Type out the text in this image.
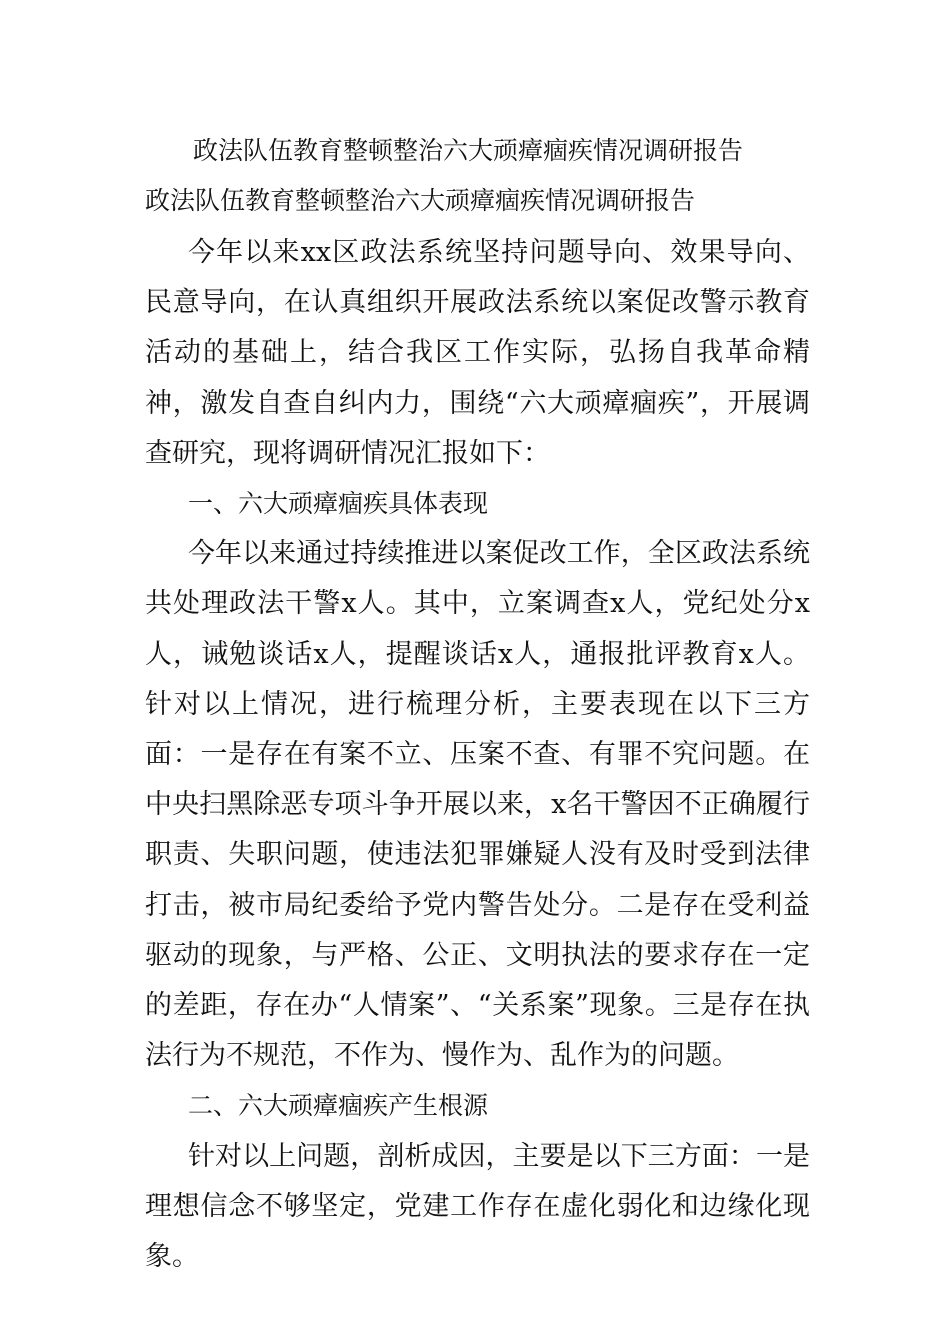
政法队伍教育整顿整治六大顽瘴痼疾情况调研报告
政法队伍教育整顿整治六大顽瘴痼疾情况调研报告

今年以来xx区政法系统坚持问题导向、效果导向、民意导向，在认真组织开展政法系统以案促改警示教育活动的基础上，结合我区工作实际，弘扬自我革命精神，激发自查自纠内力，围绕“六大顽瘴痼疾”，开展调查研究，现将调研情况汇报如下：

一、六大顽瘴痼疾具体表现

今年以来通过持续推进以案促改工作，全区政法系统共处理政法干警x人。其中，立案调查x人，党纪处分x人，诫勉谈话x人，提醒谈话x人，通报批评教育x人。针对以上情况，进行梳理分析，主要表现在以下三方面：一是存在有案不立、压案不查、有罪不究问题。在中央扫黑除恶专项斗争开展以来，x名干警因不正确履行职责、失职问题，使违法犯罪嫌疑人没有及时受到法律打击，被市局纪委给予党内警告处分。二是存在受利益驱动的现象，与严格、公正、文明执法的要求存在一定的差距，存在办“人情案”、“关系案”现象。三是存在执法行为不规范，不作为、慢作为、乱作为的问题。

二、六大顽瘴痼疾产生根源

针对以上问题，剖析成因，主要是以下三方面：一是理想信念不够坚定，党建工作存在虚化弱化和边缘化现象。
